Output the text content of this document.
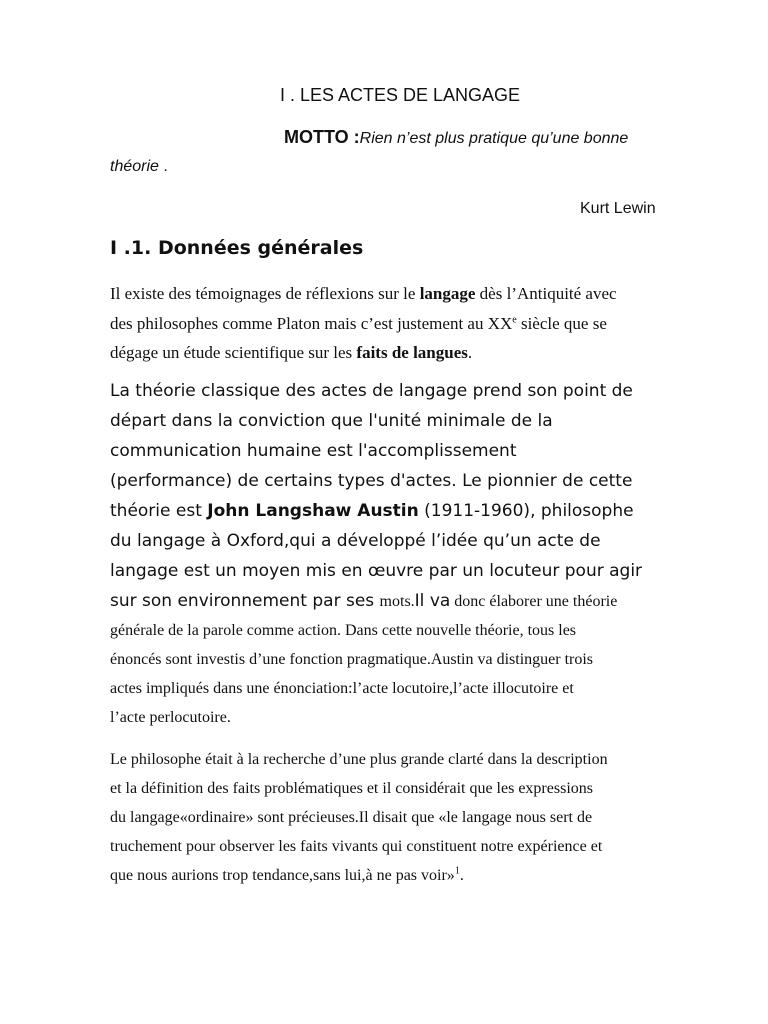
I . LES ACTES DE LANGAGE
MOTTO :Rien n’est plus pratique qu’une bonne
théorie .
Kurt Lewin
I .1. Données générales
Il existe des témoignages de réflexions sur le langage dès l’Antiquité avec
des philosophes comme Platon mais c’est justement au XXe siècle que se
dégage un étude scientifique sur les faits de langues.
La théorie classique des actes de langage prend son point de
départ dans la conviction que l'unité minimale de la
communication humaine est l'accomplissement
(performance) de certains types d'actes. Le pionnier de cette
théorie est John Langshaw Austin (1911-1960), philosophe
du langage à Oxford,qui a développé l’idée qu’un acte de
langage est un moyen mis en œuvre par un locuteur pour agir
sur son environnement par ses mots.Il va donc élaborer une théorie
générale de la parole comme action. Dans cette nouvelle théorie, tous les
énoncés sont investis d’une fonction pragmatique.Austin va distinguer trois
actes impliqués dans une énonciation:l’acte locutoire,l’acte illocutoire et
l’acte perlocutoire.
Le philosophe était à la recherche d’une plus grande clarté dans la description
et la définition des faits problématiques et il considérait que les expressions
du langage«ordinaire» sont précieuses.Il disait que «le langage nous sert de
truchement pour observer les faits vivants qui constituent notre expérience et
que nous aurions trop tendance,sans lui,à ne pas voir»$^1$.
